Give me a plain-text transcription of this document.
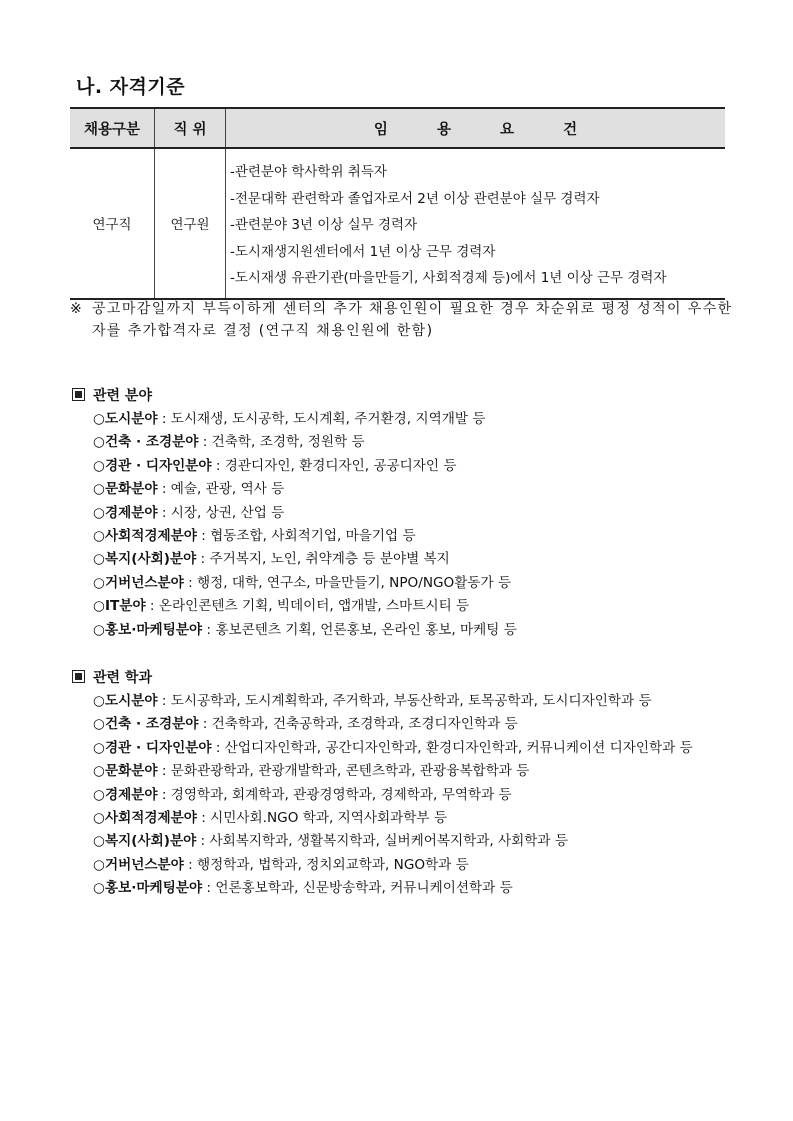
나. 자격기준
채용구분	직 위	임 용 요 건
연구직	연구원	-관련분야 학사학위 취득자
-전문대학 관련학과 졸업자로서 2년 이상 관련분야 실무 경력자
-관련분야 3년 이상 실무 경력자
-도시재생지원센터에서 1년 이상 근무 경력자
-도시재생 유관기관(마을만들기, 사회적경제 등)에서 1년 이상 근무 경력자
※ 공고마감일까지 부득이하게 센터의 추가 채용인원이 필요한 경우 차순위로 평정 성적이 우수한 자를 추가합격자로 결정 (연구직 채용인원에 한함)
관련 분야
○도시분야 : 도시재생, 도시공학, 도시계획, 주거환경, 지역개발 등
○건축 · 조경분야 : 건축학, 조경학, 정원학 등
○경관 · 디자인분야 : 경관디자인, 환경디자인, 공공디자인 등
○문화분야 : 예술, 관광, 역사 등
○경제분야 : 시장, 상권, 산업 등
○사회적경제분야 : 협동조합, 사회적기업, 마을기업 등
○복지(사회)분야 : 주거복지, 노인, 취약계층 등 분야별 복지
○거버넌스분야 : 행정, 대학, 연구소, 마을만들기, NPO/NGO활동가 등
○IT분야 : 온라인콘텐츠 기획, 빅데이터, 앱개발, 스마트시티 등
○홍보·마케팅분야 : 홍보콘텐츠 기획, 언론홍보, 온라인 홍보, 마케팅 등
관련 학과
○도시분야 : 도시공학과, 도시계획학과, 주거학과, 부동산학과, 토목공학과, 도시디자인학과 등
○건축 · 조경분야 : 건축학과, 건축공학과, 조경학과, 조경디자인학과 등
○경관 · 디자인분야 : 산업디자인학과, 공간디자인학과, 환경디자인학과, 커뮤니케이션 디자인학과 등
○문화분야 : 문화관광학과, 관광개발학과, 콘텐츠학과, 관광융복합학과 등
○경제분야 : 경영학과, 회계학과, 관광경영학과, 경제학과, 무역학과 등
○사회적경제분야 : 시민사회.NGO 학과, 지역사회과학부 등
○복지(사회)분야 : 사회복지학과, 생활복지학과, 실버케어복지학과, 사회학과 등
○거버넌스분야 : 행정학과, 법학과, 정치외교학과, NGO학과 등
○홍보·마케팅분야 : 언론홍보학과, 신문방송학과, 커뮤니케이션학과 등
